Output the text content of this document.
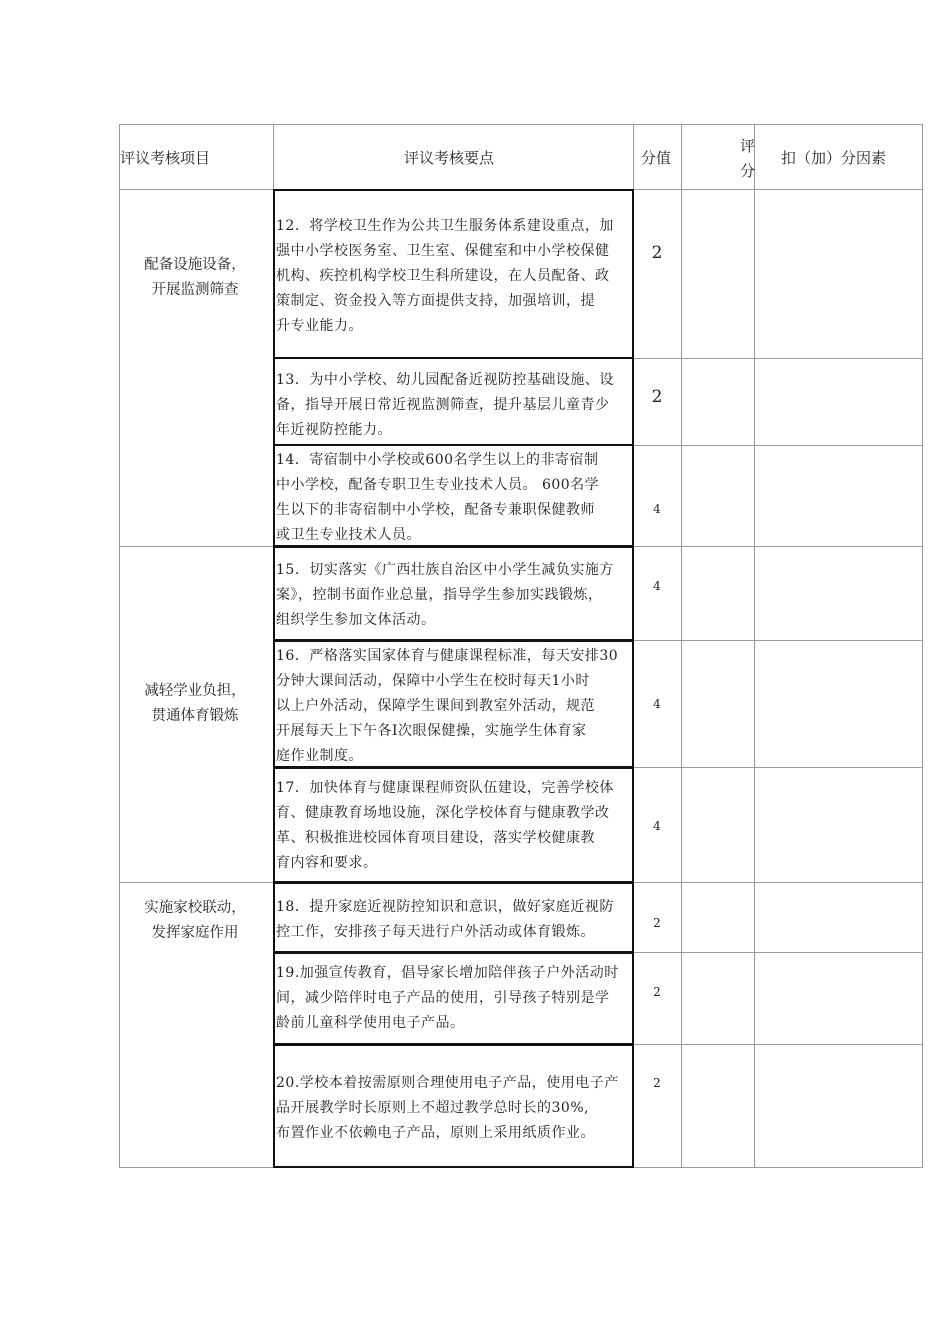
评议考核项目	评议考核要点	分值
评
分
扣（加）分因素
配备设施设备，
开展监测筛查
减轻学业负担，
贯通体育锻炼
实施家校联动，
发挥家庭作用
12．将学校卫生作为公共卫生服务体系建设重点，加
强中小学校医务室、卫生室、保健室和中小学校保健
机构、疾控机构学校卫生科所建设，在人员配备、政
策制定、资金投入等方面提供支持，加强培训，提
升专业能力。
13．为中小学校、幼儿园配备近视防控基础设施、设
备，指导开展日常近视监测筛查，提升基层儿童青少
年近视防控能力。
14．寄宿制中小学校或600名学生以上的非寄宿制
中小学校，配备专职卫生专业技术人员。 600名学
生以下的非寄宿制中小学校，配备专兼职保健教师
或卫生专业技术人员。
15．切实落实《广西壮族自治区中小学生减负实施方
案》，控制书面作业总量，指导学生参加实践锻炼，
组织学生参加文体活动。
16．严格落实国家体育与健康课程标准，每天安排30
分钟大课间活动，保障中小学生在校时每天1小时
以上户外活动，保障学生课间到教室外活动，规范
开展每天上下午各I次眼保健操，实施学生体育家
庭作业制度。
17．加快体育与健康课程师资队伍建设，完善学校体
育、健康教育场地设施，深化学校体育与健康教学改
革、积极推进校园体育项目建设，落实学校健康教
育内容和要求。
18．提升家庭近视防控知识和意识，做好家庭近视防
控工作，安排孩子每天进行户外活动或体育锻炼。
19.加强宣传教育，倡导家长增加陪伴孩子户外活动时
间，减少陪伴时电子产品的使用，引导孩子特别是学
龄前儿童科学使用电子产品。
20.学校本着按需原则合理使用电子产品，使用电子产
品开展教学时长原则上不超过教学总时长的30%,
布置作业不依赖电子产品，原则上采用纸质作业。
2
2
4
4
4
4
2
2
2
